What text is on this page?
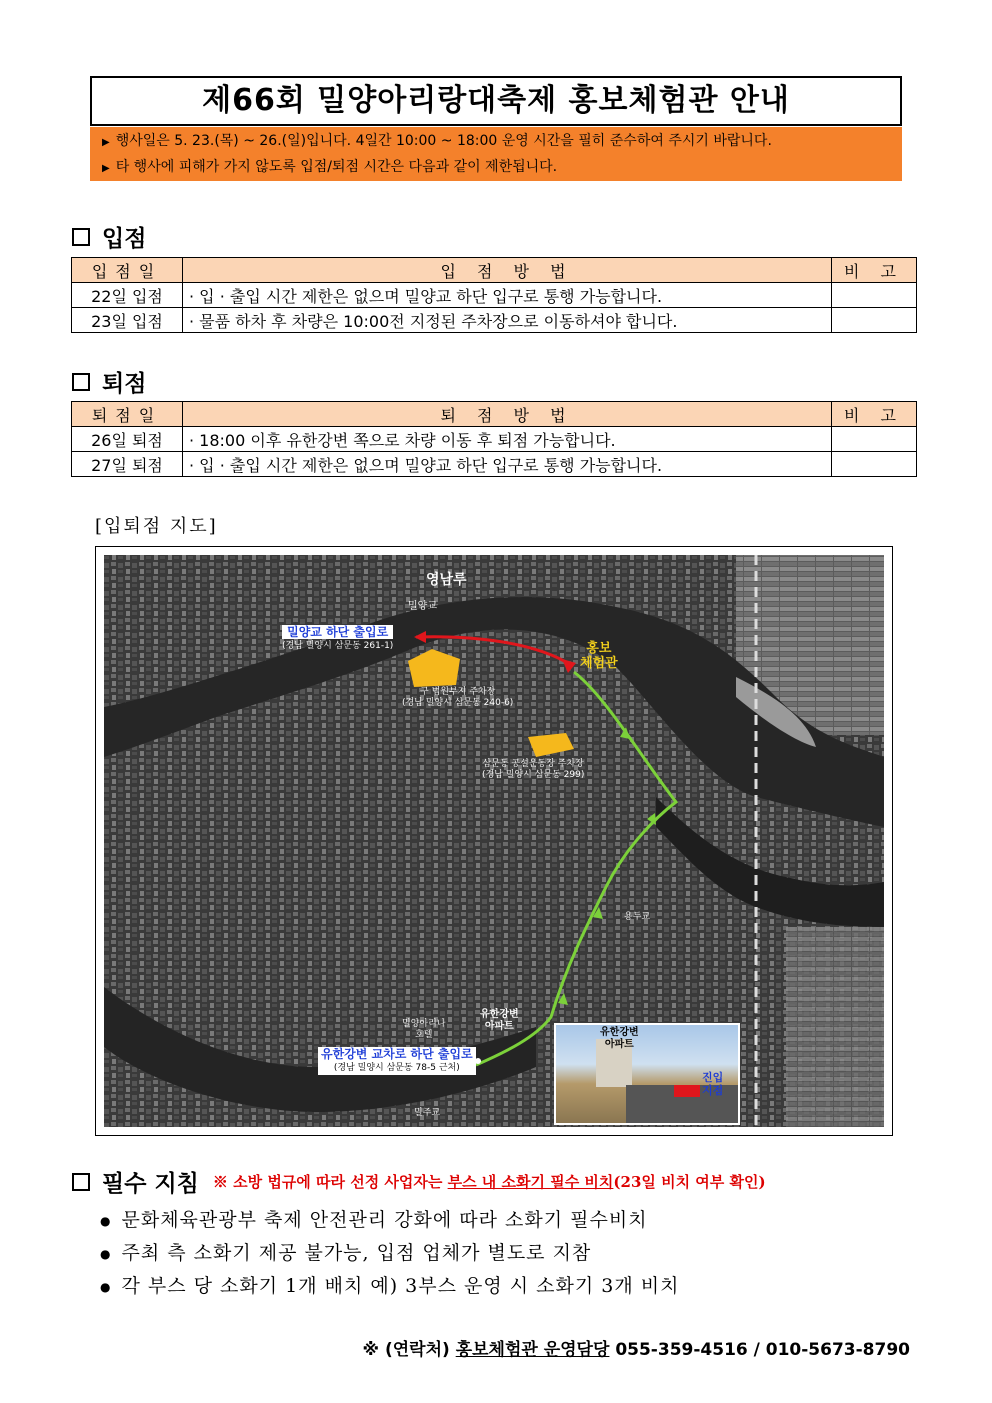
제66회 밀양아리랑대축제 홍보체험관 안내
▶ 행사일은 5. 23.(목) ~ 26.(일)입니다. 4일간 10:00 ~ 18:00 운영 시간을 필히 준수하여 주시기 바랍니다.
▶ 타 행사에 피해가 가지 않도록 입점/퇴점 시간은 다음과 같이 제한됩니다.
입점
입점일	입 점 방 법	비 고
22일 입점	· 입 · 출입 시간 제한은 없으며 밀양교 하단 입구로 통행 가능합니다.	
23일 입점	· 물품 하차 후 차량은 10:00전 지정된 주차장으로 이동하셔야 합니다.	
퇴점
퇴점일	퇴 점 방 법	비 고
26일 퇴점	· 18:00 이후 유한강변 쪽으로 차량 이동 후 퇴점 가능합니다.	
27일 퇴점	· 입 · 출입 시간 제한은 없으며 밀양교 하단 입구로 통행 가능합니다.	
[입퇴점 지도]
영남루
밀양교
밀양교 하단 출입로
(경남 밀양시 삼문동 261-1)	홍보
체험관
구 법원부지 주차장
(경남 밀양시 삼문동 240-6)
삼문동 공설운동장 주차장
(경남 밀양시 삼문동 299)
용두교
유한강변
아파트
밀양아리나
호텔
유한강변 교차로 하단 출입로
(경남 밀양시 삼문동 78-5 근처)
밀주교
유한강변
아파트
진입
지점
필수 지침 ※ 소방 법규에 따라 선정 사업자는 부스 내 소화기 필수 비치(23일 비치 여부 확인)
● 문화체육관광부 축제 안전관리 강화에 따라 소화기 필수비치
● 주최 측 소화기 제공 불가능, 입점 업체가 별도로 지참
● 각 부스 당 소화기 1개 배치 예) 3부스 운영 시 소화기 3개 비치
※ (연락처) 홍보체험관 운영담당 055-359-4516 / 010-5673-8790
